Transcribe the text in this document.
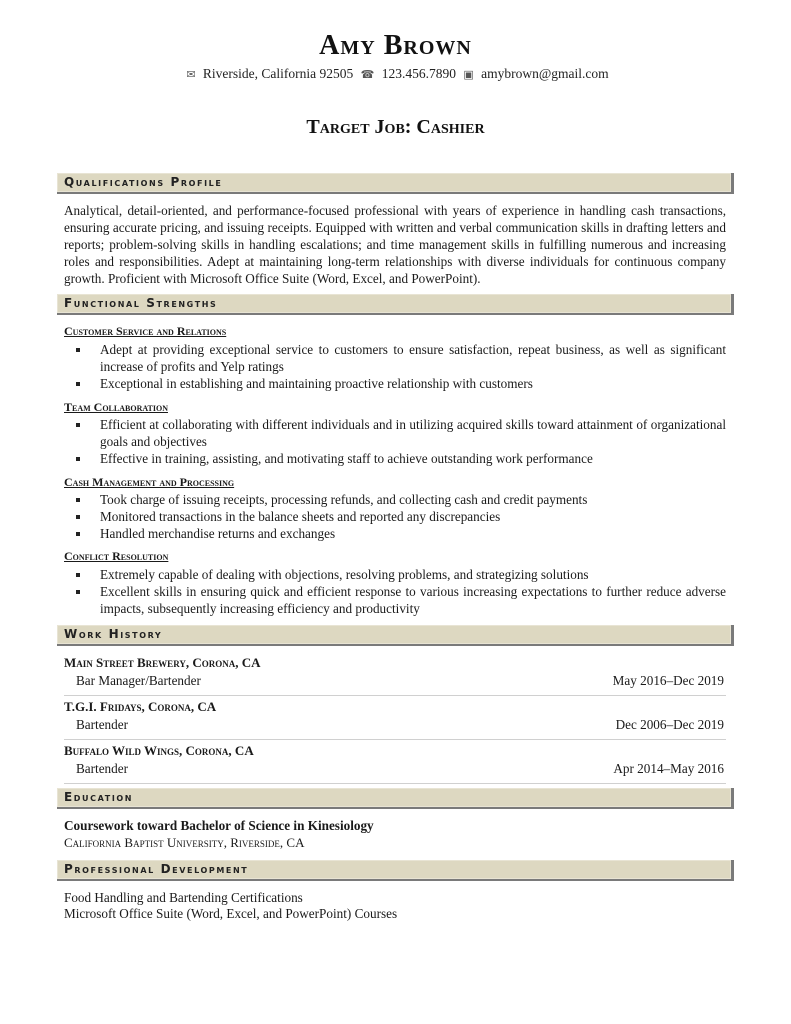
Amy Brown
✉ Riverside, California 92505 ☎ 123.456.7890 ▣ amybrown@gmail.com
Target Job: Cashier
Qualifications Profile
Analytical, detail-oriented, and performance-focused professional with years of experience in handling cash transactions, ensuring accurate pricing, and issuing receipts. Equipped with written and verbal communication skills in drafting letters and reports; problem-solving skills in handling escalations; and time management skills in fulfilling numerous and increasing roles and responsibilities. Adept at maintaining long-term relationships with diverse individuals for continuous company growth. Proficient with Microsoft Office Suite (Word, Excel, and PowerPoint).
Functional Strengths
Customer Service and Relations
Adept at providing exceptional service to customers to ensure satisfaction, repeat business, as well as significant increase of profits and Yelp ratings
Exceptional in establishing and maintaining proactive relationship with customers
Team Collaboration
Efficient at collaborating with different individuals and in utilizing acquired skills toward attainment of organizational goals and objectives
Effective in training, assisting, and motivating staff to achieve outstanding work performance
Cash Management and Processing
Took charge of issuing receipts, processing refunds, and collecting cash and credit payments
Monitored transactions in the balance sheets and reported any discrepancies
Handled merchandise returns and exchanges
Conflict Resolution
Extremely capable of dealing with objections, resolving problems, and strategizing solutions
Excellent skills in ensuring quick and efficient response to various increasing expectations to further reduce adverse impacts, subsequently increasing efficiency and productivity
Work History
Main Street Brewery, Corona, CA
Bar Manager/Bartender	May 2016–Dec 2019
T.G.I. Fridays, Corona, CA
Bartender	Dec 2006–Dec 2019
Buffalo Wild Wings, Corona, CA
Bartender	Apr 2014–May 2016
Education
Coursework toward Bachelor of Science in Kinesiology
California Baptist University, Riverside, CA
Professional Development
Food Handling and Bartending Certifications
Microsoft Office Suite (Word, Excel, and PowerPoint) Courses
